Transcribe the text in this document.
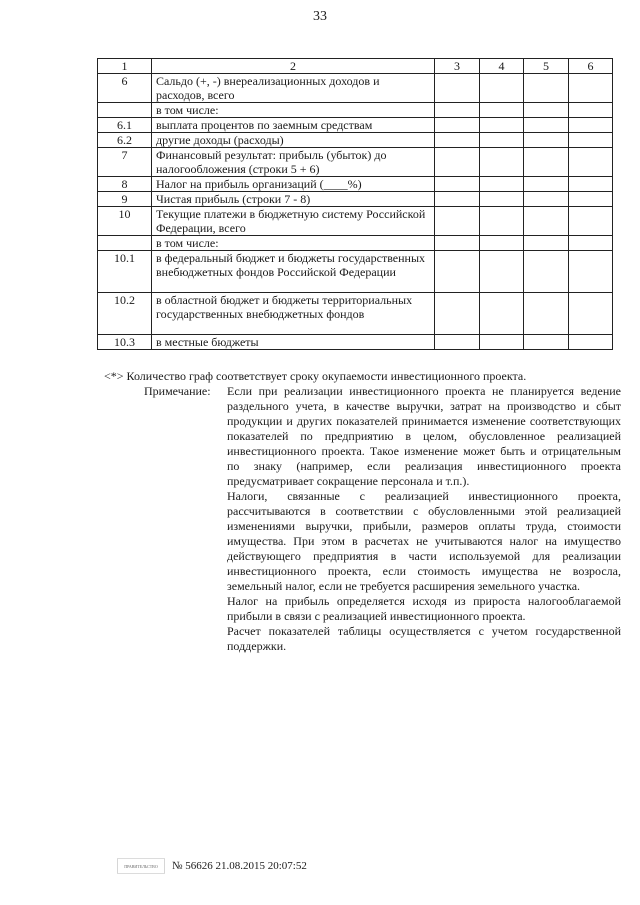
33
1	2	3	4	5	6
6	Сальдо (+, -) внереализационных доходов и расходов, всего				
	в том числе:				
6.1	выплата процентов по заемным средствам				
6.2	другие доходы (расходы)				
7	Финансовый результат: прибыль (убыток) до налогообложения (строки 5 + 6)				
8	Налог на прибыль организаций (____%)				
9	Чистая прибыль (строки 7 - 8)				
10	Текущие платежи в бюджетную систему Российской Федерации, всего				
	в том числе:				
10.1	в федеральный бюджет и бюджеты государственных внебюджетных фондов Российской Федерации				
10.2	в областной бюджет и бюджеты территориальных государственных внебюджетных фондов				
10.3	в местные бюджеты				
<*> Количество граф соответствует сроку окупаемости инвестиционного проекта.
Примечание: Если при реализации инвестиционного проекта не планируется ведение раздельного учета, в качестве выручки, затрат на производство и сбыт продукции и других показателей принимается изменение соответствующих показателей по предприятию в целом, обусловленное реализацией инвестиционного проекта. Такое изменение может быть и отрицательным по знаку (например, если реализация инвестиционного проекта предусматривает сокращение персонала и т.п.).

Налоги, связанные с реализацией инвестиционного проекта, рассчитываются в соответствии с обусловленными этой реализацией изменениями выручки, прибыли, размеров оплаты труда, стоимости имущества. При этом в расчетах не учитываются налог на имущество действующего предприятия в части используемой для реализации инвестиционного проекта, если стоимость имущества не возросла, земельный налог, если не требуется расширения земельного участка.

Налог на прибыль определяется исходя из прироста налогооблагаемой прибыли в связи с реализацией инвестиционного проекта.

Расчет показателей таблицы осуществляется с учетом государственной поддержки.

ПРАВИТЕЛЬСТВО № 56626 21.08.2015 20:07:52
